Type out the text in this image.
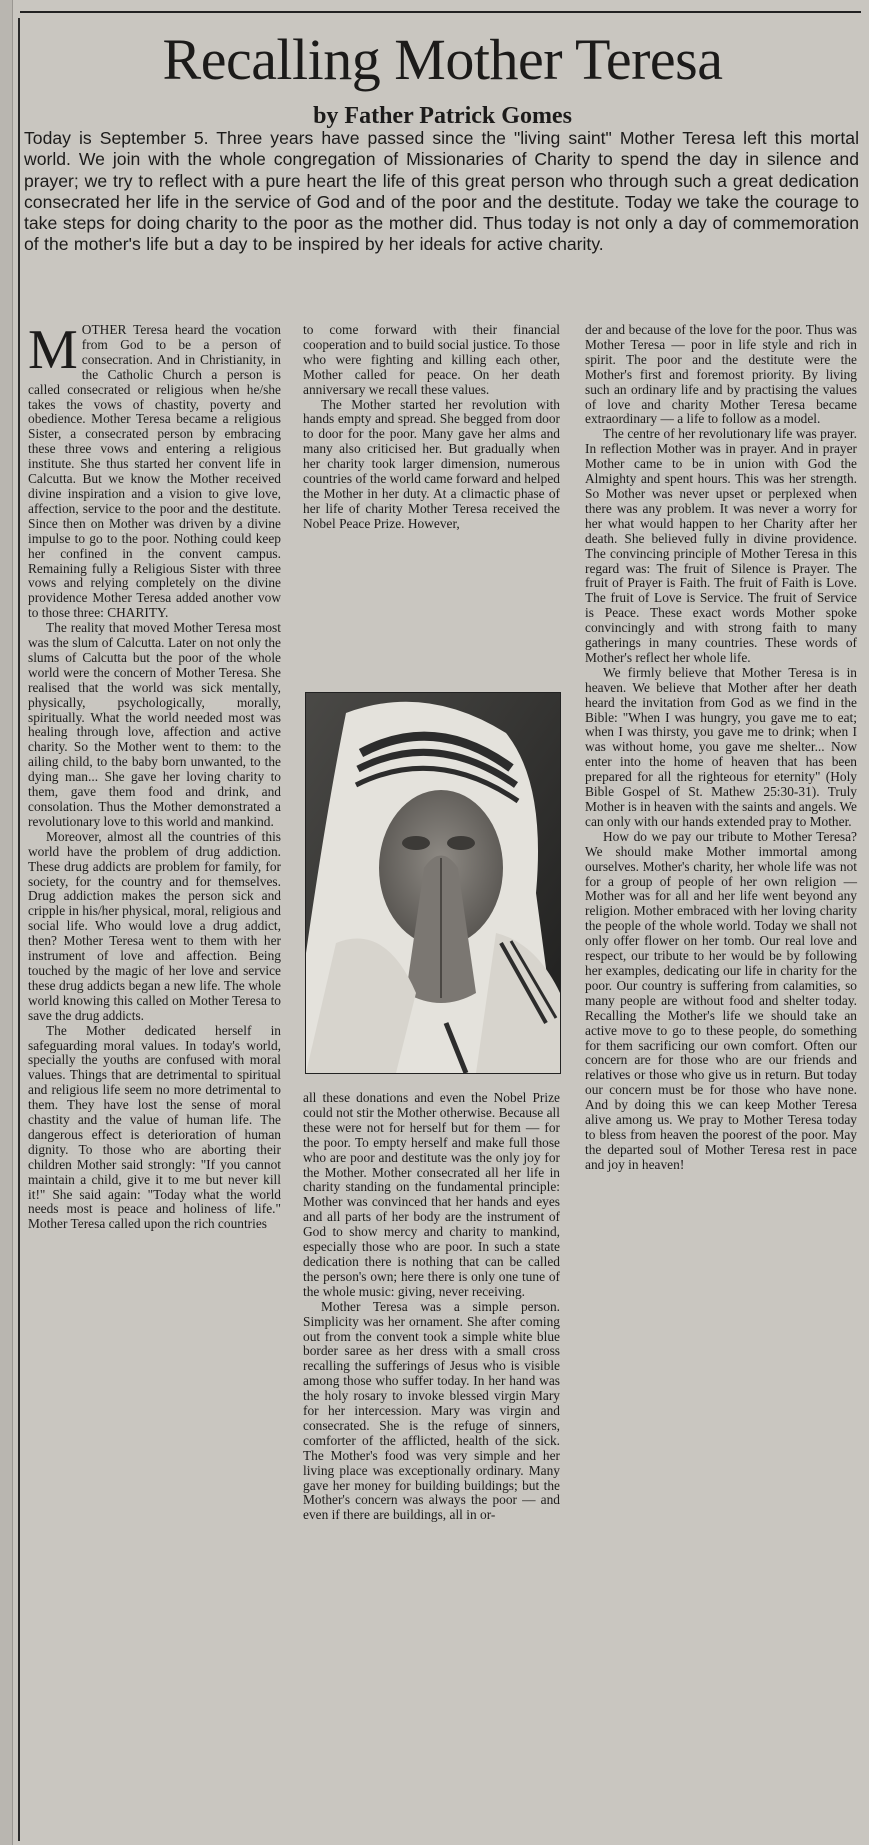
Recalling Mother Teresa
by Father Patrick Gomes
Today is September 5. Three years have passed since the "living saint" Mother Teresa left this mortal world. We join with the whole congregation of Missionaries of Charity to spend the day in silence and prayer; we try to reflect with a pure heart the life of this great person who through such a great dedication consecrated her life in the service of God and of the poor and the destitute. Today we take the courage to take steps for doing charity to the poor as the mother did. Thus today is not only a day of commemoration of the mother's life but a day to be inspired by her ideals for active charity.

MOTHER Teresa heard the vocation from God to be a person of consecration. And in Christianity, in the Catholic Church a person is called consecrated or religious when he/she takes the vows of chastity, poverty and obedience. Mother Teresa became a religious Sister, a consecrated person by embracing these three vows and entering a religious institute. She thus started her convent life in Calcutta. But we know the Mother received divine inspiration and a vision to give love, affection, service to the poor and the destitute. Since then on Mother was driven by a divine impulse to go to the poor. Nothing could keep her confined in the convent campus. Remaining fully a Religious Sister with three vows and relying completely on the divine providence Mother Teresa added another vow to those three: CHARITY.

The reality that moved Mother Teresa most was the slum of Calcutta. Later on not only the slums of Calcutta but the poor of the whole world were the concern of Mother Teresa. She realised that the world was sick mentally, physically, psychologically, morally, spiritually. What the world needed most was healing through love, affection and active charity. So the Mother went to them: to the ailing child, to the baby born unwanted, to the dying man... She gave her loving charity to them, gave them food and drink, and consolation. Thus the Mother demonstrated a revolutionary love to this world and mankind.

Moreover, almost all the countries of this world have the problem of drug addiction. These drug addicts are problem for family, for society, for the country and for themselves. Drug addiction makes the person sick and cripple in his/her physical, moral, religious and social life. Who would love a drug addict, then? Mother Teresa went to them with her instrument of love and affection. Being touched by the magic of her love and service these drug addicts began a new life. The whole world knowing this called on Mother Teresa to save the drug addicts.

The Mother dedicated herself in safeguarding moral values. In today's world, specially the youths are confused with moral values. Things that are detrimental to spiritual and religious life seem no more detrimental to them. They have lost the sense of moral chastity and the value of human life. The dangerous effect is deterioration of human dignity. To those who are aborting their children Mother said strongly: "If you cannot maintain a child, give it to me but never kill it!" She said again: "Today what the world needs most is peace and holiness of life." Mother Teresa called upon the rich countries

to come forward with their financial cooperation and to build social justice. To those who were fighting and killing each other, Mother called for peace. On her death anniversary we recall these values.

The Mother started her revolution with hands empty and spread. She begged from door to door for the poor. Many gave her alms and many also criticised her. But gradually when her charity took larger dimension, numerous countries of the world came forward and helped the Mother in her duty. At a climactic phase of her life of charity Mother Teresa received the Nobel Peace Prize. However,

all these donations and even the Nobel Prize could not stir the Mother otherwise. Because all these were not for herself but for them — for the poor. To empty herself and make full those who are poor and destitute was the only joy for the Mother. Mother consecrated all her life in charity standing on the fundamental principle: Mother was convinced that her hands and eyes and all parts of her body are the instrument of God to show mercy and charity to mankind, especially those who are poor. In such a state dedication there is nothing that can be called the person's own; here there is only one tune of the whole music: giving, never receiving.

Mother Teresa was a simple person. Simplicity was her ornament. She after coming out from the convent took a simple white blue border saree as her dress with a small cross recalling the sufferings of Jesus who is visible among those who suffer today. In her hand was the holy rosary to invoke blessed virgin Mary for her intercession. Mary was virgin and consecrated. She is the refuge of sinners, comforter of the afflicted, health of the sick. The Mother's food was very simple and her living place was exceptionally ordinary. Many gave her money for building buildings; but the Mother's concern was always the poor — and even if there are buildings, all in or-

der and because of the love for the poor. Thus was Mother Teresa — poor in life style and rich in spirit. The poor and the destitute were the Mother's first and foremost priority. By living such an ordinary life and by practising the values of love and charity Mother Teresa became extraordinary — a life to follow as a model.

The centre of her revolutionary life was prayer. In reflection Mother was in prayer. And in prayer Mother came to be in union with God the Almighty and spent hours. This was her strength. So Mother was never upset or perplexed when there was any problem. It was never a worry for her what would happen to her Charity after her death. She believed fully in divine providence. The convincing principle of Mother Teresa in this regard was: The fruit of Silence is Prayer. The fruit of Prayer is Faith. The fruit of Faith is Love. The fruit of Love is Service. The fruit of Service is Peace. These exact words Mother spoke convincingly and with strong faith to many gatherings in many countries. These words of Mother's reflect her whole life.

We firmly believe that Mother Teresa is in heaven. We believe that Mother after her death heard the invitation from God as we find in the Bible: "When I was hungry, you gave me to eat; when I was thirsty, you gave me to drink; when I was without home, you gave me shelter... Now enter into the home of heaven that has been prepared for all the righteous for eternity" (Holy Bible Gospel of St. Mathew 25:30-31). Truly Mother is in heaven with the saints and angels. We can only with our hands extended pray to Mother.

How do we pay our tribute to Mother Teresa? We should make Mother immortal among ourselves. Mother's charity, her whole life was not for a group of people of her own religion — Mother was for all and her life went beyond any religion. Mother embraced with her loving charity the people of the whole world. Today we shall not only offer flower on her tomb. Our real love and respect, our tribute to her would be by following her examples, dedicating our life in charity for the poor. Our country is suffering from calamities, so many people are without food and shelter today. Recalling the Mother's life we should take an active move to go to these people, do something for them sacrificing our own comfort. Often our concern are for those who are our friends and relatives or those who give us in return. But today our concern must be for those who have none. And by doing this we can keep Mother Teresa alive among us. We pray to Mother Teresa today to bless from heaven the poorest of the poor. May the departed soul of Mother Teresa rest in pace and joy in heaven!
